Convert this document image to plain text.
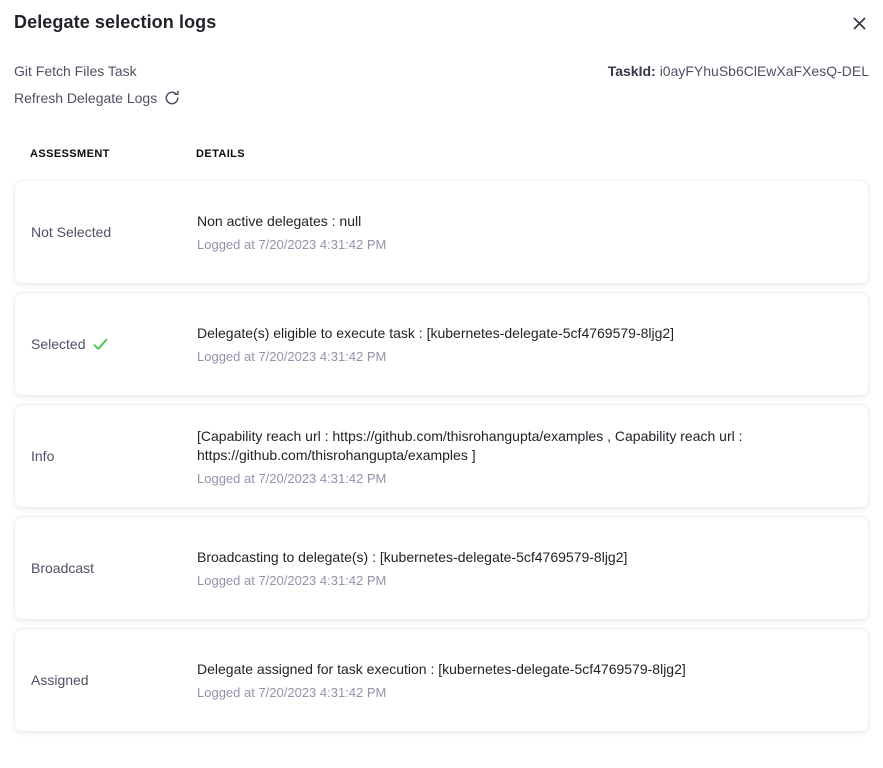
Delegate selection logs
Git Fetch Files Task	TaskId: i0ayFYhuSb6ClEwXaFXesQ-DEL
Refresh Delegate Logs
ASSESSMENT	DETAILS
Not Selected
Non active delegates : null
Logged at 7/20/2023 4:31:42 PM
Selected
Delegate(s) eligible to execute task : [kubernetes-delegate-5cf4769579-8ljg2]
Logged at 7/20/2023 4:31:42 PM
Info
[Capability reach url : https://github.com/thisrohangupta/examples , Capability reach url : https://github.com/thisrohangupta/examples ]
Logged at 7/20/2023 4:31:42 PM
Broadcast
Broadcasting to delegate(s) : [kubernetes-delegate-5cf4769579-8ljg2]
Logged at 7/20/2023 4:31:42 PM
Assigned
Delegate assigned for task execution : [kubernetes-delegate-5cf4769579-8ljg2]
Logged at 7/20/2023 4:31:42 PM
